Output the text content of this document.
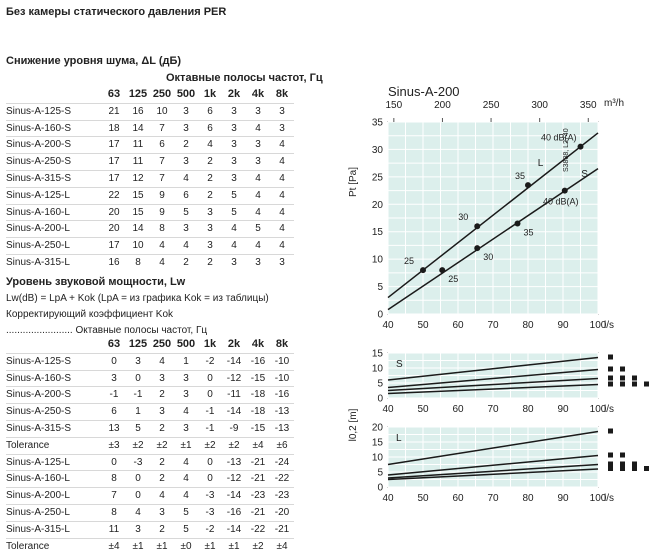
Без камеры статического давления PER
Снижение уровня шума, ΔL (дБ)
Октавные полосы частот, Гц
	63	125	250	500	1k	2k	4k	8k
Sinus-A-125-S	21	16	10	3	6	3	3	3
Sinus-A-160-S	18	14	7	3	6	3	4	3
Sinus-A-200-S	17	11	6	2	4	3	3	4
Sinus-A-250-S	17	11	7	3	2	3	3	4
Sinus-A-315-S	17	12	7	4	2	3	4	4
Sinus-A-125-L	22	15	9	6	2	5	4	4
Sinus-A-160-L	20	15	9	5	3	5	4	4
Sinus-A-200-L	20	14	8	3	3	4	5	4
Sinus-A-250-L	17	10	4	4	3	4	4	4
Sinus-A-315-L	16	8	4	2	2	3	3	3
Уровень звуковой мощности, Lw
Lw(dB) = LpA + Kok (LpA = из графика Kok = из таблицы)
Корректирующий коэффициент Kok
........................ Октавные полосы частот, Гц
	63	125	250	500	1k	2k	4k	8k
Sinus-A-125-S	0	3	4	1	-2	-14	-16	-10
Sinus-A-160-S	3	0	3	3	0	-12	-15	-10
Sinus-A-200-S	-1	-1	2	3	0	-11	-18	-16
Sinus-A-250-S	6	1	3	4	-1	-14	-18	-13
Sinus-A-315-S	13	5	2	3	-1	-9	-15	-13
Tolerance	±3	±2	±2	±1	±2	±2	±4	±6
Sinus-A-125-L	0	-3	2	4	0	-13	-21	-24
Sinus-A-160-L	8	0	2	4	0	-12	-21	-22
Sinus-A-200-L	7	0	4	4	-3	-14	-23	-23
Sinus-A-250-L	8	4	3	5	-3	-16	-21	-20
Sinus-A-315-L	11	3	2	5	-2	-14	-22	-21
Tolerance	±4	±1	±1	±0	±1	±1	±2	±4
40 50 60 70 80 90 100
0
5
10
15
20
25
30
35
150	200	250	300	350 m³/h
Sinus-A-200
S3888, L2740
Pt [Pa]
l/s
L
S
25
30
35
40 dB(A)
25
30
35
40 dB(A)
40 50 60 70 80 90 100
0
5
10
15
S
l/s
40 50 60 70 80 90 100
0
5
10
15
20
L
l/s
l0,2 [m]
